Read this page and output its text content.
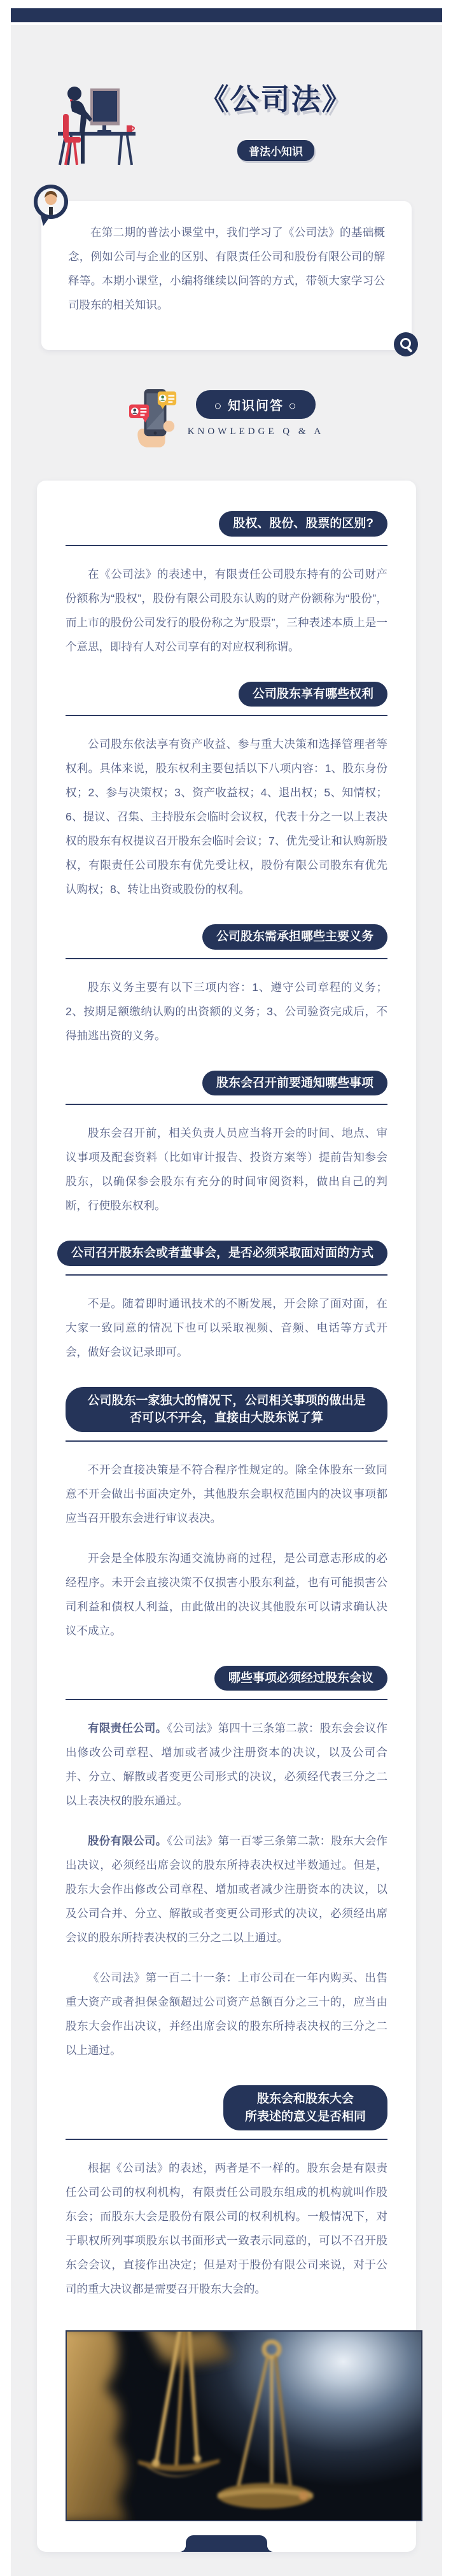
《公司法》

普法小知识

在第二期的普法小课堂中，我们学习了《公司法》的基础概念，例如公司与企业的区别、有限责任公司和股份有限公司的解释等。本期小课堂，小编将继续以问答的方式，带领大家学习公司股东的相关知识。

○ 知识问答 ○
KNOWLEDGE Q & A
股权、股份、股票的区别?

在《公司法》的表述中，有限责任公司股东持有的公司财产份额称为“股权”，股份有限公司股东认购的财产份额称为“股份”，而上市的股份公司发行的股份称之为“股票”，三种表述本质上是一个意思，即持有人对公司享有的对应权利称谓。

公司股东享有哪些权利

公司股东依法享有资产收益、参与重大决策和选择管理者等权利。具体来说，股东权利主要包括以下八项内容：1、股东身份权；2、参与决策权；3、资产收益权；4、退出权；5、知情权；6、提议、召集、主持股东会临时会议权，代表十分之一以上表决权的股东有权提议召开股东会临时会议；7、优先受让和认购新股权，有限责任公司股东有优先受让权，股份有限公司股东有优先认购权；8、转让出资或股份的权利。

公司股东需承担哪些主要义务

股东义务主要有以下三项内容：1、遵守公司章程的义务；2、按期足额缴纳认购的出资额的义务；3、公司验资完成后，不得抽逃出资的义务。

股东会召开前要通知哪些事项

股东会召开前，相关负责人员应当将开会的时间、地点、审议事项及配套资料（比如审计报告、投资方案等）提前告知参会股东，以确保参会股东有充分的时间审阅资料，做出自己的判断，行使股东权利。

公司召开股东会或者董事会，是否必须采取面对面的方式

不是。随着即时通讯技术的不断发展，开会除了面对面，在大家一致同意的情况下也可以采取视频、音频、电话等方式开会，做好会议记录即可。

公司股东一家独大的情况下，公司相关事项的做出是否可以不开会，直接由大股东说了算

不开会直接决策是不符合程序性规定的。除全体股东一致同意不开会做出书面决定外，其他股东会职权范围内的决议事项都应当召开股东会进行审议表决。

开会是全体股东沟通交流协商的过程，是公司意志形成的必经程序。未开会直接决策不仅损害小股东利益，也有可能损害公司利益和债权人利益，由此做出的决议其他股东可以请求确认决议不成立。

哪些事项必须经过股东会议

有限责任公司。《公司法》第四十三条第二款：股东会会议作出修改公司章程、增加或者减少注册资本的决议，以及公司合并、分立、解散或者变更公司形式的决议，必须经代表三分之二以上表决权的股东通过。

股份有限公司。《公司法》第一百零三条第二款：股东大会作出决议，必须经出席会议的股东所持表决权过半数通过。但是，股东大会作出修改公司章程、增加或者减少注册资本的决议，以及公司合并、分立、解散或者变更公司形式的决议，必须经出席会议的股东所持表决权的三分之二以上通过。

《公司法》第一百二十一条：上市公司在一年内购买、出售重大资产或者担保金额超过公司资产总额百分之三十的，应当由股东大会作出决议，并经出席会议的股东所持表决权的三分之二以上通过。

股东会和股东大会
所表述的意义是否相同

根据《公司法》的表述，两者是不一样的。股东会是有限责任公司公司的权利机构，有限责任公司股东组成的机构就叫作股东会；而股东大会是股份有限公司的权利机构。一般情况下，对于职权所列事项股东以书面形式一致表示同意的，可以不召开股东会会议，直接作出决定；但是对于股份有限公司来说，对于公司的重大决议都是需要召开股东大会的。
